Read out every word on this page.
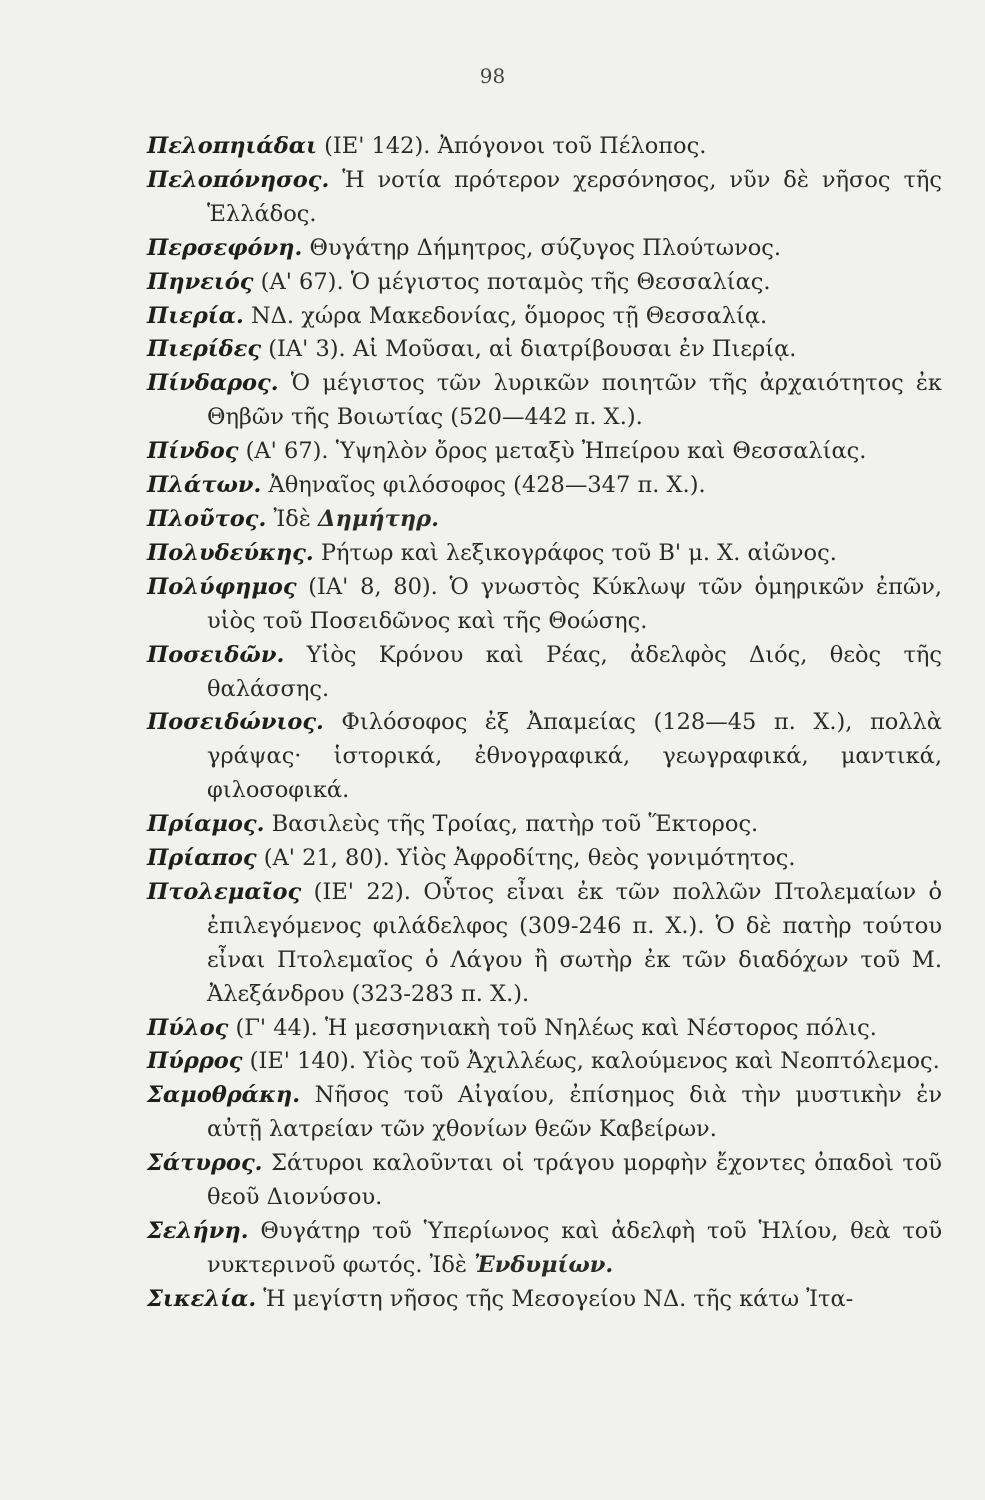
98

Πελοπηιάδαι (ΙΕ' 142). Ἀπόγονοι τοῦ Πέλοπος.

Πελοπόνησος. Ἡ νοτία πρότερον χερσόνησος, νῦν δὲ νῆσος τῆς Ἑλλάδος.

Περσεφόνη. Θυγάτηρ Δήμητρος, σύζυγος Πλούτωνος.

Πηνειός (Α' 67). Ὁ μέγιστος ποταμὸς τῆς Θεσσαλίας.

Πιερία. ΝΔ. χώρα Μακεδονίας, ὅμορος τῇ Θεσσαλίᾳ.

Πιερίδες (ΙΑ' 3). Αἱ Μοῦσαι, αἱ διατρίβουσαι ἐν Πιερίᾳ.

Πίνδαρος. Ὁ μέγιστος τῶν λυρικῶν ποιητῶν τῆς ἀρχαιότητος ἐκ Θηβῶν τῆς Βοιωτίας (520—442 π. Χ.).

Πίνδος (Α' 67). Ὑψηλὸν ὄρος μεταξὺ Ἠπείρου καὶ Θεσσαλίας.

Πλάτων. Ἀθηναῖος φιλόσοφος (428—347 π. Χ.).

Πλοῦτος. Ἰδὲ Δημήτηρ.

Πολυδεύκης. Ρήτωρ καὶ λεξικογράφος τοῦ Β' μ. Χ. αἰῶνος.

Πολύφημος (ΙΑ' 8, 80). Ὁ γνωστὸς Κύκλωψ τῶν ὁμηρικῶν ἐπῶν, υἱὸς τοῦ Ποσειδῶνος καὶ τῆς Θοώσης.

Ποσειδῶν. Υἱὸς Κρόνου καὶ Ρέας, ἀδελφὸς Διός, θεὸς τῆς θαλάσσης.

Ποσειδώνιος. Φιλόσοφος ἐξ Ἀπαμείας (128—45 π. Χ.), πολλὰ γράψας· ἱστορικά, ἐθνογραφικά, γεωγραφικά, μαντικά, φιλοσοφικά.

Πρίαμος. Βασιλεὺς τῆς Τροίας, πατὴρ τοῦ Ἕκτορος.

Πρίαπος (Α' 21, 80). Υἱὸς Ἀφροδίτης, θεὸς γονιμότητος.

Πτολεμαῖος (ΙΕ' 22). Οὗτος εἶναι ἐκ τῶν πολλῶν Πτολεμαίων ὁ ἐπιλεγόμενος φιλάδελφος (309-246 π. Χ.). Ὁ δὲ πατὴρ τούτου εἶναι Πτολεμαῖος ὁ Λάγου ἢ σωτὴρ ἐκ τῶν διαδόχων τοῦ Μ. Ἀλεξάνδρου (323-283 π. Χ.).

Πύλος (Γ' 44). Ἡ μεσσηνιακὴ τοῦ Νηλέως καὶ Νέστορος πόλις.

Πύρρος (ΙΕ' 140). Υἱὸς τοῦ Ἀχιλλέως, καλούμενος καὶ Νεοπτόλεμος.

Σαμοθράκη. Νῆσος τοῦ Αἰγαίου, ἐπίσημος διὰ τὴν μυστικὴν ἐν αὐτῇ λατρείαν τῶν χθονίων θεῶν Καβείρων.

Σάτυρος. Σάτυροι καλοῦνται οἱ τράγου μορφὴν ἔχοντες ὀπαδοὶ τοῦ θεοῦ Διονύσου.

Σελήνη. Θυγάτηρ τοῦ Ὑπερίωνος καὶ ἀδελφὴ τοῦ Ἡλίου, θεὰ τοῦ νυκτερινοῦ φωτός. Ἰδὲ Ἐνδυμίων.

Σικελία. Ἡ μεγίστη νῆσος τῆς Μεσογείου ΝΔ. τῆς κάτω Ἰτα-
